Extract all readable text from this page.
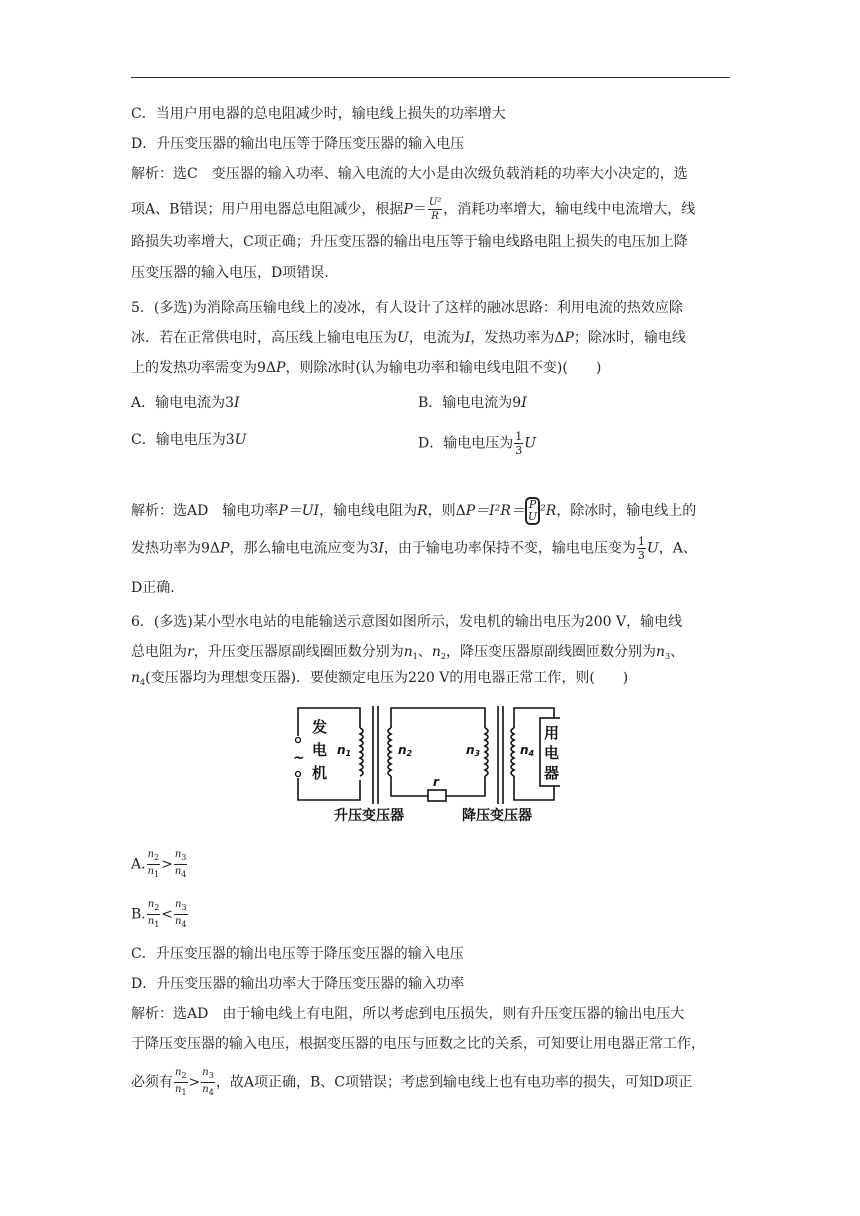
C．当用户用电器的总电阻减少时，输电线上损失的功率增大
D．升压变压器的输出电压等于降压变压器的输入电压
解析：选C　变压器的输入功率、输入电流的大小是由次级负载消耗的功率大小决定的，选
项A、B错误；用户用电器总电阻减少，根据$P= \frac{\text{U²}}{R}$ ，消耗功率增大，输电线中电流增大，线
路损失功率增大，C项正确；升压变压器的输出电压等于输电线路电阻上损失的电压加上降
压变压器的输入电压，D项错误.
5．(多选)为消除高压输电线上的凌冰，有人设计了这样的融冰思路：利用电流的热效应除
冰．若在正常供电时，高压线上输电电压为U，电流为I，发热功率为ΔP；除冰时，输电线
上的发热功率需变为9ΔP，则除冰时(认为输电功率和输电线电阻不变)(　　)
A．输电电流为3I	B．输电电流为9I
C．输电电压为3U	D．输电电压为 $\frac{1}{3}$ U
解析：选AD　输电功率P＝UI，输电线电阻为R，则ΔP＝I²R＝ P
U ²R，除冰时，输电线上的
发热功率为9ΔP，那么输电电流应变为3I，由于输电功率保持不变，输电电压变为 $\frac{1}{3}$ U，A、
D正确.
6．(多选)某小型水电站的电能输送示意图如图所示，发电机的输出电压为200 V，输电线
总电阻为r，升压变压器原副线圈匝数分别为$n_1$、$n_2$，降压变压器原副线圈匝数分别为$n_3$、
$n_4$(变压器均为理想变压器)．要使额定电压为220 V的用电器正常工作，则(　　)
~
发
电
机
n1	n2	n3	n4
r
用
电
器
升压变压器	降压变压器
A. $\frac{n_2}{n_1} > \frac{n_3}{n_4}$
B. $\frac{n_2}{n_1} < \frac{n_3}{n_4}$
C．升压变压器的输出电压等于降压变压器的输入电压
D．升压变压器的输出功率大于降压变压器的输入功率
解析：选AD　由于输电线上有电阻，所以考虑到电压损失，则有升压变压器的输出电压大
于降压变压器的输入电压，根据变压器的电压与匝数之比的关系，可知要让用电器正常工作，
必须有 $\frac{n_2}{n_1} > \frac{n_3}{n_4}$ ，故A项正确，B、C项错误；考虑到输电线上也有电功率的损失，可知D项正
